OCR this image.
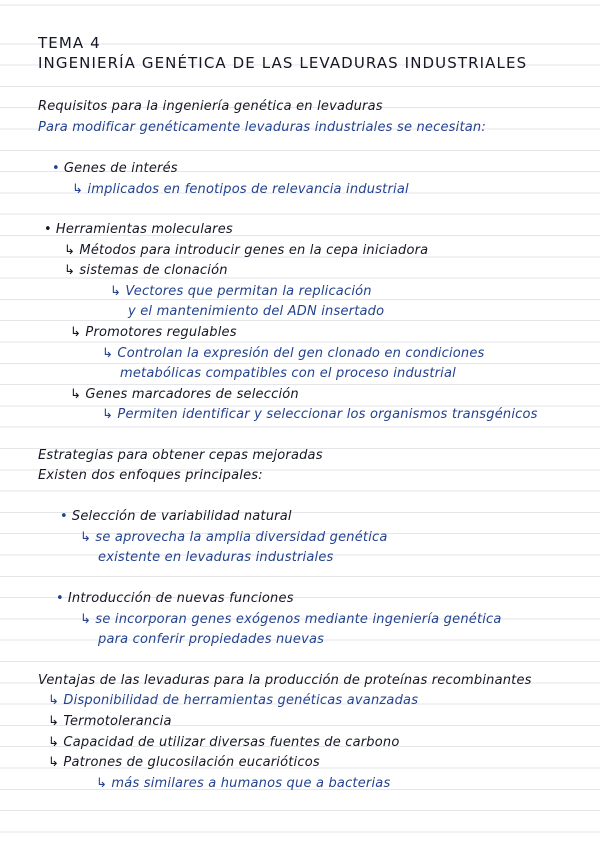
TEMA 4
INGENIERÍA GENÉTICA DE LAS LEVADURAS INDUSTRIALES
Requisitos para la ingeniería genética en levaduras
Para modificar genéticamente levaduras industriales se necesitan:
• Genes de interés
↳ implicados en fenotipos de relevancia industrial
• Herramientas moleculares
↳ Métodos para introducir genes en la cepa iniciadora
↳ sistemas de clonación
↳ Vectores que permitan la replicación
y el mantenimiento del ADN insertado
↳ Promotores regulables
↳ Controlan la expresión del gen clonado en condiciones
metabólicas compatibles con el proceso industrial
↳ Genes marcadores de selección
↳ Permiten identificar y seleccionar los organismos transgénicos
Estrategias para obtener cepas mejoradas
Existen dos enfoques principales:
• Selección de variabilidad natural
↳ se aprovecha la amplia diversidad genética
existente en levaduras industriales
• Introducción de nuevas funciones
↳ se incorporan genes exógenos mediante ingeniería genética
para conferir propiedades nuevas
Ventajas de las levaduras para la producción de proteínas recombinantes
↳ Disponibilidad de herramientas genéticas avanzadas
↳ Termotolerancia
↳ Capacidad de utilizar diversas fuentes de carbono
↳ Patrones de glucosilación eucarióticos
↳ más similares a humanos que a bacterias
